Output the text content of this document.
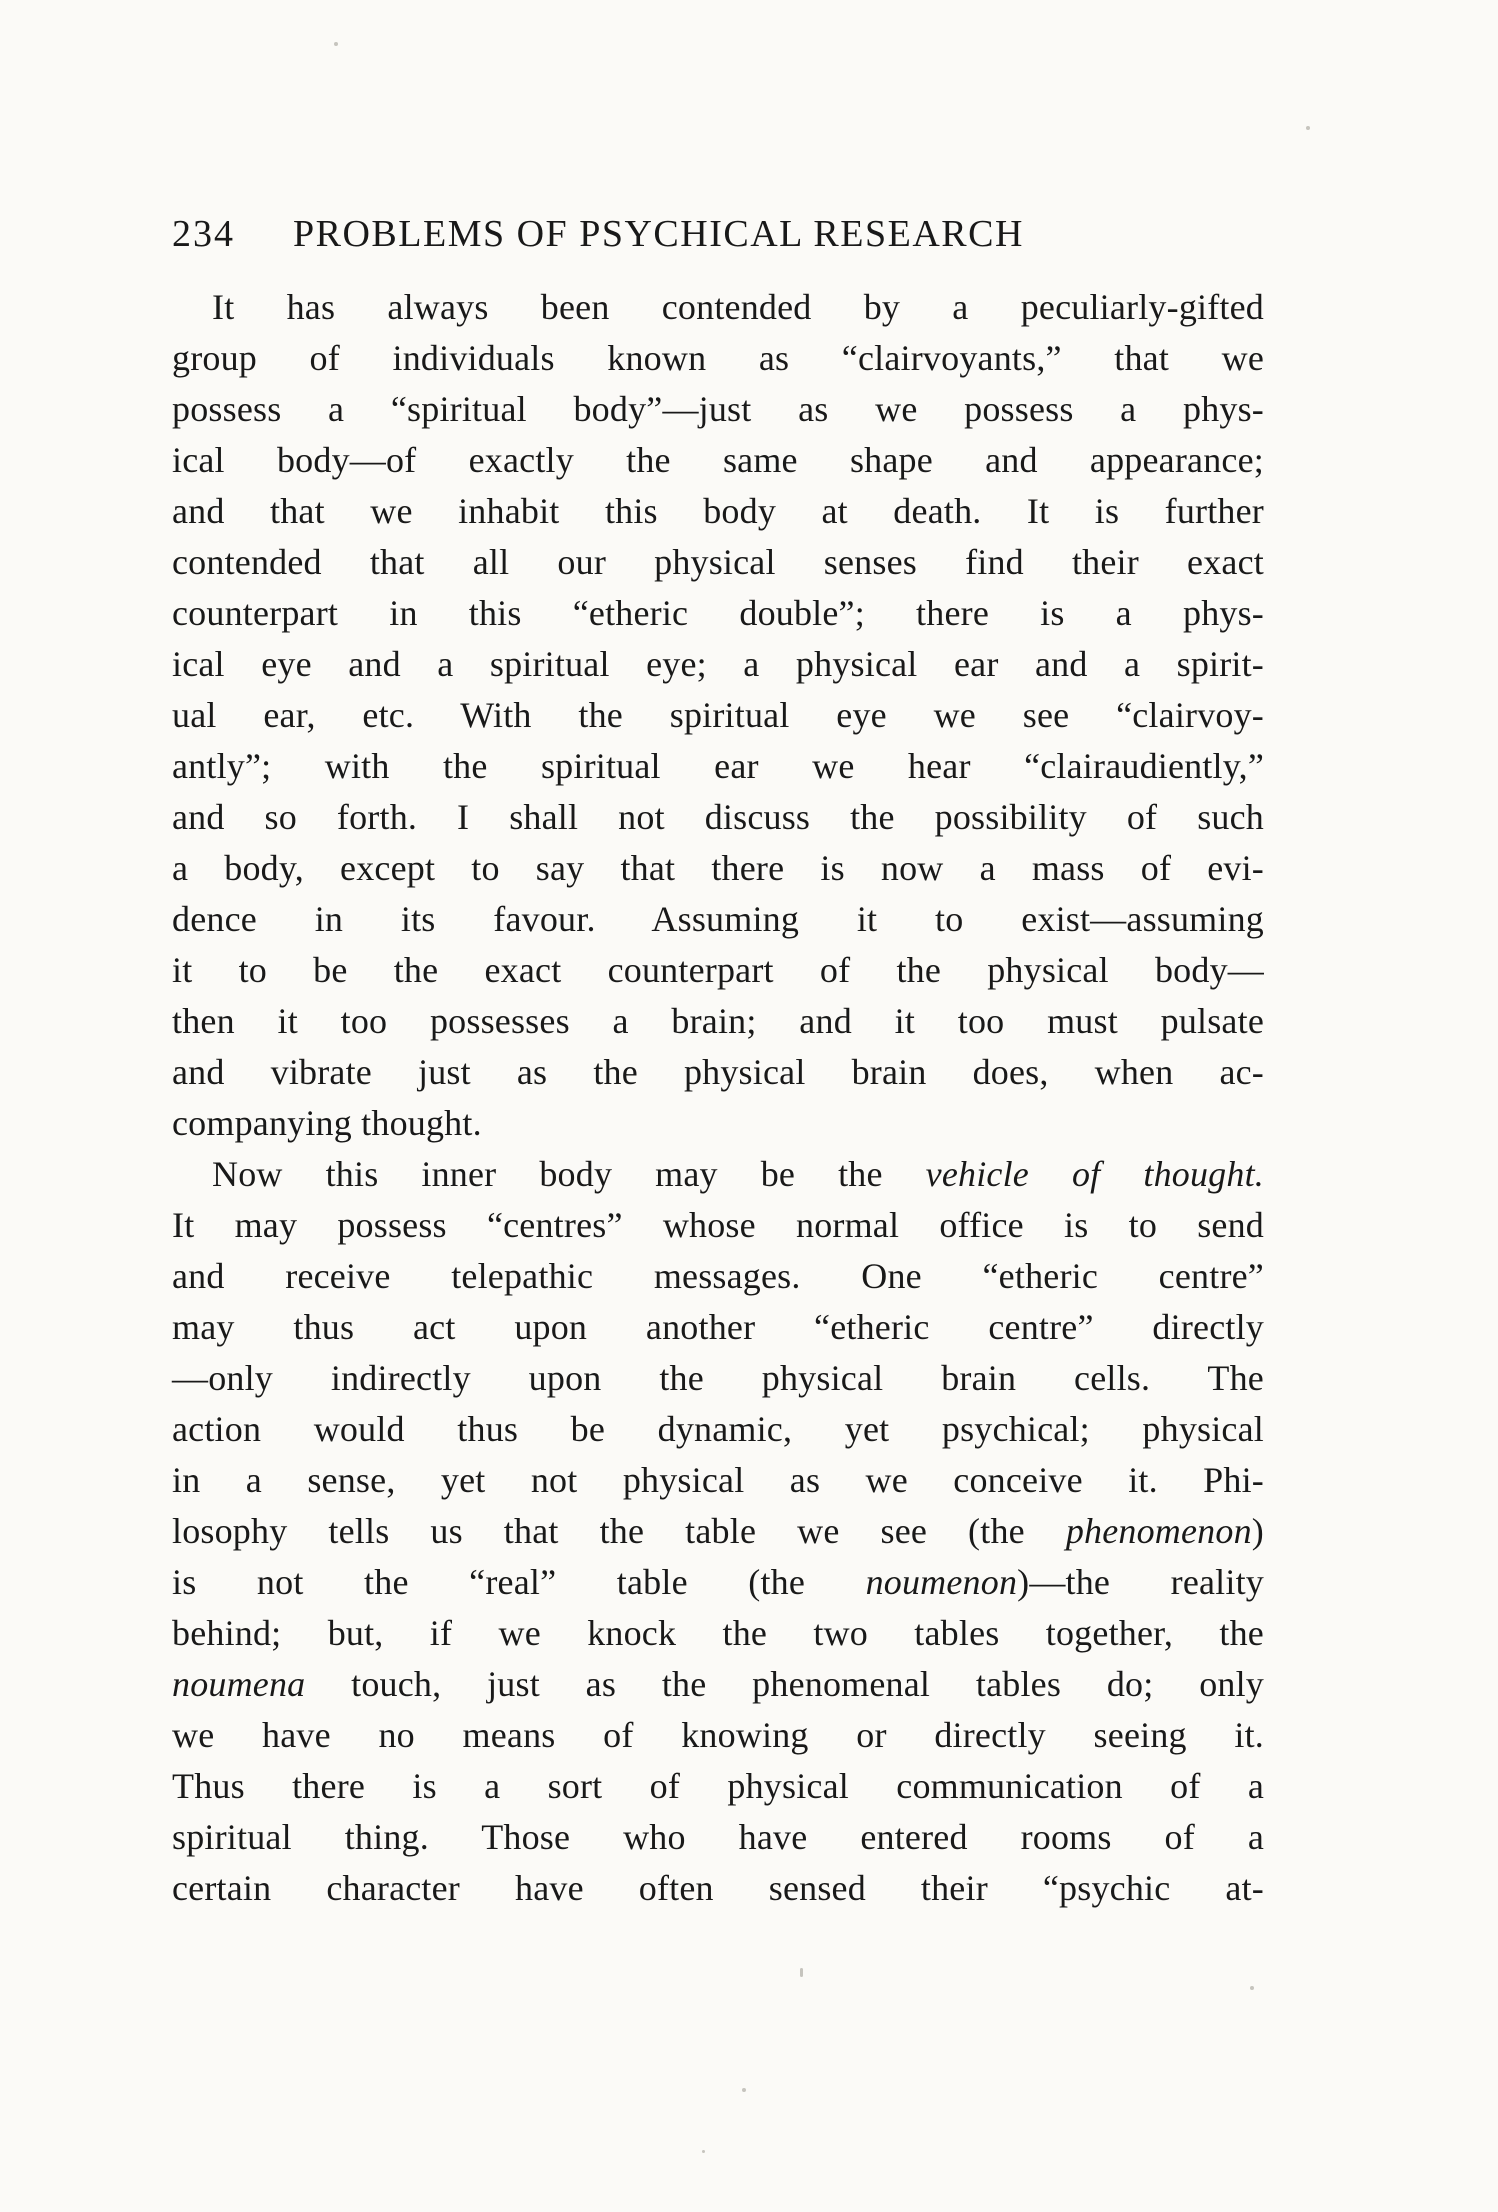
234 PROBLEMS OF PSYCHICAL RESEARCH
It has always been contended by a peculiarly-gifted
group of individuals known as “clairvoyants,” that we
possess a “spiritual body”—just as we possess a phys-
ical body—of exactly the same shape and appearance;
and that we inhabit this body at death. It is further
contended that all our physical senses find their exact
counterpart in this “etheric double”; there is a phys-
ical eye and a spiritual eye; a physical ear and a spirit-
ual ear, etc. With the spiritual eye we see “clairvoy-
antly”; with the spiritual ear we hear “clairaudiently,”
and so forth. I shall not discuss the possibility of such
a body, except to say that there is now a mass of evi-
dence in its favour. Assuming it to exist—assuming
it to be the exact counterpart of the physical body—
then it too possesses a brain; and it too must pulsate
and vibrate just as the physical brain does, when ac-
companying thought.
Now this inner body may be the vehicle of thought.
It may possess “centres” whose normal office is to send
and receive telepathic messages. One “etheric centre”
may thus act upon another “etheric centre” directly
—only indirectly upon the physical brain cells. The
action would thus be dynamic, yet psychical; physical
in a sense, yet not physical as we conceive it. Phi-
losophy tells us that the table we see (the phenomenon)
is not the “real” table (the noumenon)—the reality
behind; but, if we knock the two tables together, the
noumena touch, just as the phenomenal tables do; only
we have no means of knowing or directly seeing it.
Thus there is a sort of physical communication of a
spiritual thing. Those who have entered rooms of a
certain character have often sensed their “psychic at-
